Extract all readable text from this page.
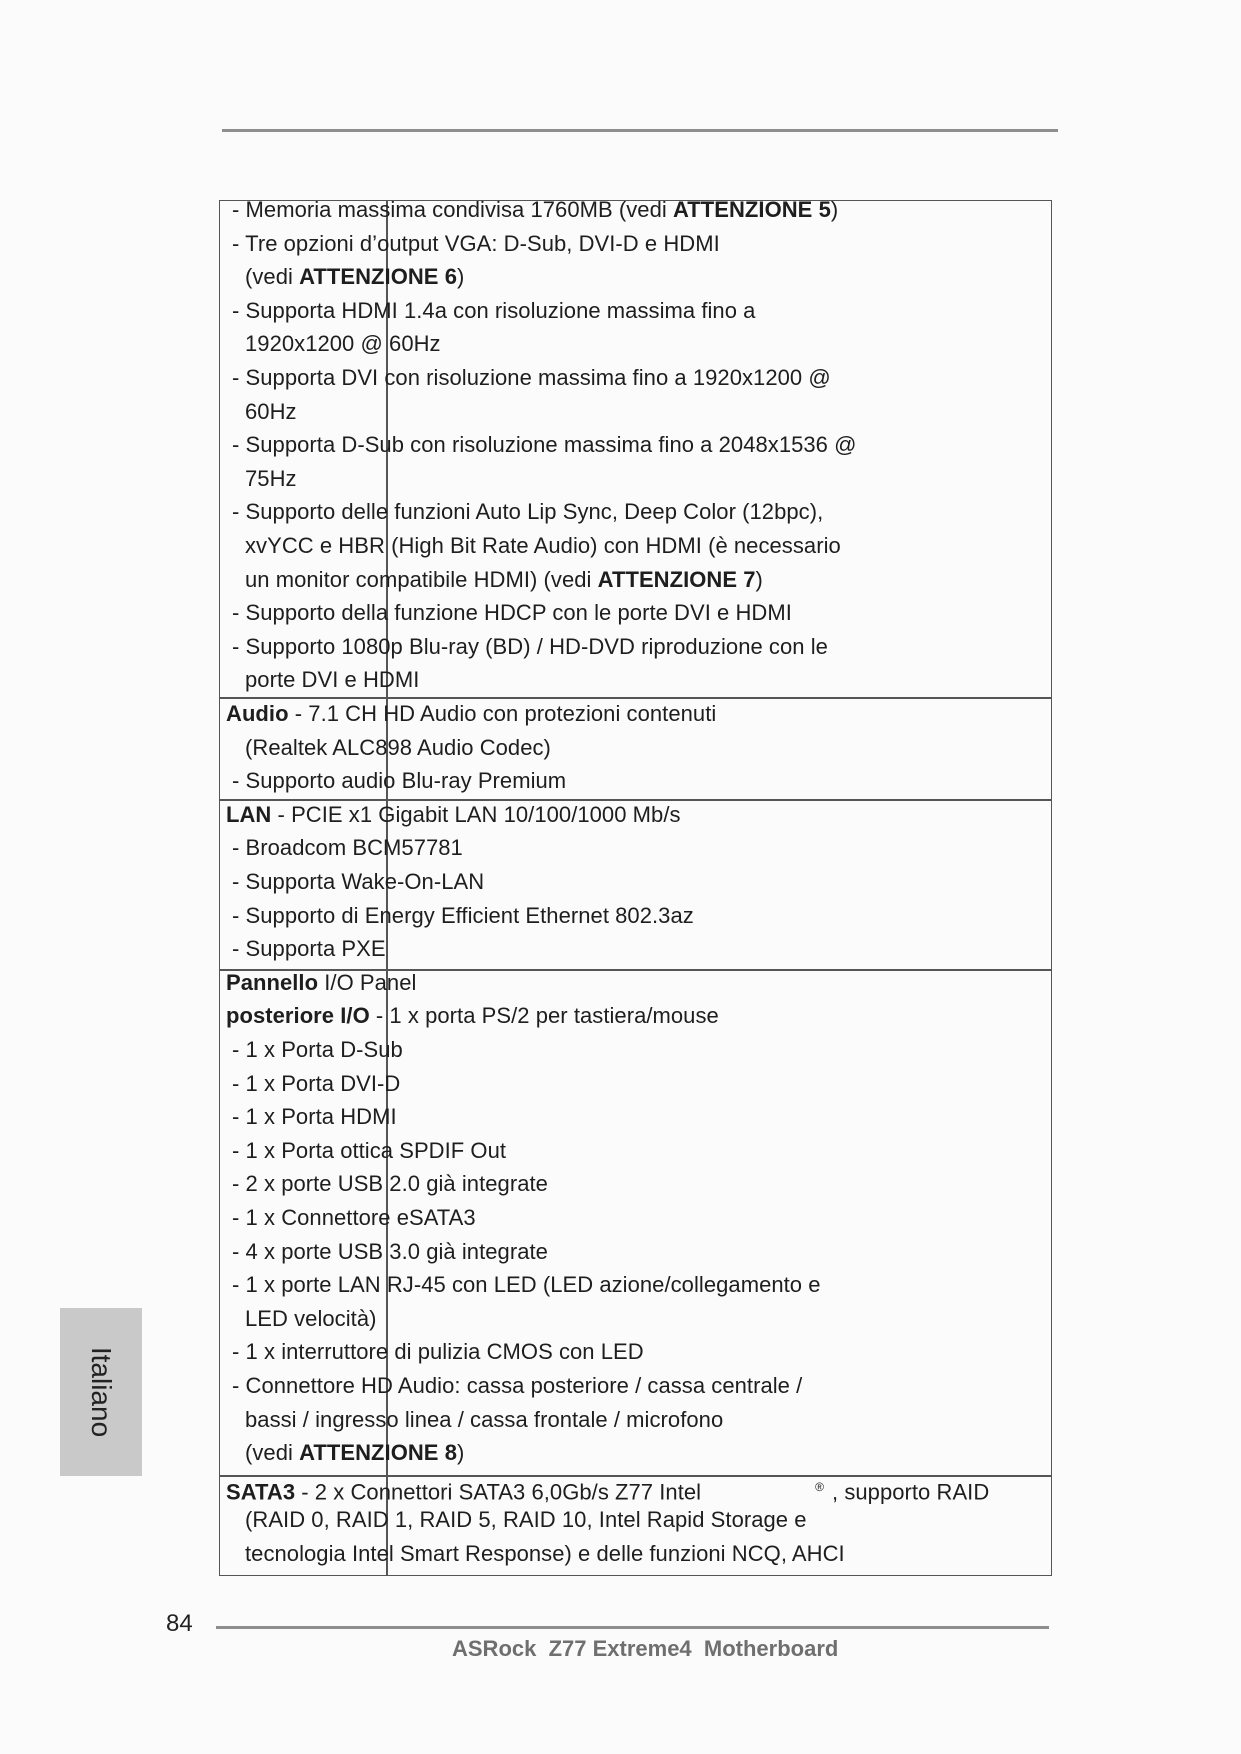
- Memoria massima condivisa 1760MB (vedi ATTENZIONE 5)
- Tre opzioni d’output VGA: D-Sub, DVI-D e HDMI
(vedi ATTENZIONE 6)
- Supporta HDMI 1.4a con risoluzione massima fino a
1920x1200 @ 60Hz
- Supporta DVI con risoluzione massima fino a 1920x1200 @
60Hz
- Supporta D-Sub con risoluzione massima fino a 2048x1536 @
75Hz
- Supporto delle funzioni Auto Lip Sync, Deep Color (12bpc),
xvYCC e HBR (High Bit Rate Audio) con HDMI (è necessario
un monitor compatibile HDMI) (vedi ATTENZIONE 7)
- Supporto della funzione HDCP con le porte DVI e HDMI
- Supporto 1080p Blu-ray (BD) / HD-DVD riproduzione con le
porte DVI e HDMI
Audio - 7.1 CH HD Audio con protezioni contenuti
(Realtek ALC898 Audio Codec)
- Supporto audio Blu-ray Premium
LAN - PCIE x1 Gigabit LAN 10/100/1000 Mb/s
- Broadcom BCM57781
- Supporta Wake-On-LAN
- Supporto di Energy Efficient Ethernet 802.3az
- Supporta PXE
Pannello I/O Panel
posteriore I/O - 1 x porta PS/2 per tastiera/mouse
- 1 x Porta D-Sub
- 1 x Porta DVI-D
- 1 x Porta HDMI
- 1 x Porta ottica SPDIF Out
- 2 x porte USB 2.0 già integrate
- 1 x Connettore eSATA3
- 4 x porte USB 3.0 già integrate
- 1 x porte LAN RJ-45 con LED (LED azione/collegamento e
LED velocità)
- 1 x interruttore di pulizia CMOS con LED
- Connettore HD Audio: cassa posteriore / cassa centrale /
bassi / ingresso linea / cassa frontale / microfono
(vedi ATTENZIONE 8)
SATA3 - 2 x Connettori SATA3 6,0Gb/s Z77 Intel	® , supporto RAID
(RAID 0, RAID 1, RAID 5, RAID 10, Intel Rapid Storage e
tecnologia Intel Smart Response) e delle funzioni NCQ, AHCI
Italiano
84
ASRock  Z77 Extreme4  Motherboard
